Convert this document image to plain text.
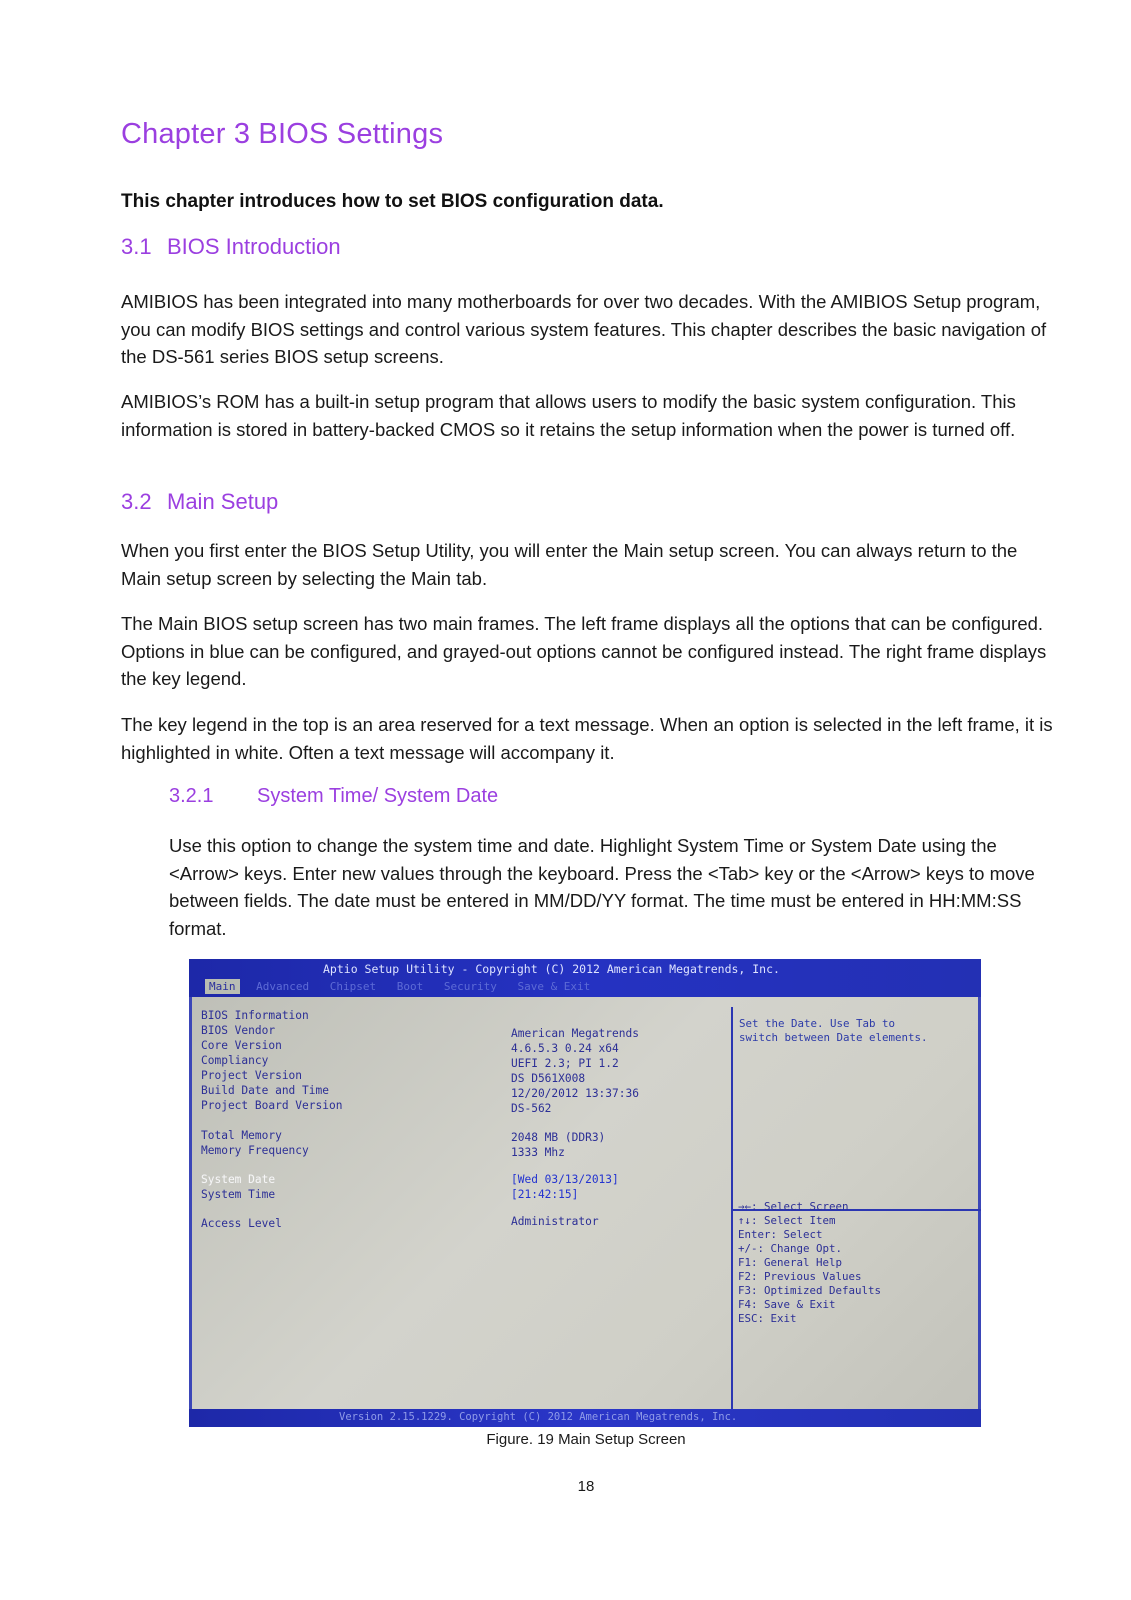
Chapter 3 BIOS Settings

This chapter introduces how to set BIOS configuration data.

3.1 BIOS Introduction

AMIBIOS has been integrated into many motherboards for over two decades. With the AMIBIOS Setup program, you can modify BIOS settings and control various system features. This chapter describes the basic navigation of the DS-561 series BIOS setup screens.

AMIBIOS’s ROM has a built-in setup program that allows users to modify the basic system configuration. This information is stored in battery-backed CMOS so it retains the setup information when the power is turned off.

3.2 Main Setup

When you first enter the BIOS Setup Utility, you will enter the Main setup screen. You can always return to the Main setup screen by selecting the Main tab.

The Main BIOS setup screen has two main frames. The left frame displays all the options that can be configured. Options in blue can be configured, and grayed-out options cannot be configured instead. The right frame displays the key legend.

The key legend in the top is an area reserved for a text message. When an option is selected in the left frame, it is highlighted in white. Often a text message will accompany it.

3.2.1 System Time/ System Date

Use this option to change the system time and date. Highlight System Time or System Date using the <Arrow> keys. Enter new values through the keyboard. Press the <Tab> key or the <Arrow> keys to move between fields. The date must be entered in MM/DD/YY format. The time must be entered in HH:MM:SS format.

Aptio Setup Utility - Copyright (C) 2012 American Megatrends, Inc.
Main Advanced Chipset Boot Security Save & Exit
BIOS Information
BIOS Vendor	American Megatrends
Core Version	4.6.5.3 0.24 x64
Compliancy	UEFI 2.3; PI 1.2
Project Version	DS D561X008
Build Date and Time	12/20/2012 13:37:36
Project Board Version	DS-562
Total Memory	2048 MB (DDR3)
Memory Frequency	1333 Mhz
System Date	[Wed 03/13/2013]
System Time	[21:42:15]
Access Level	Administrator
Set the Date. Use Tab to
switch between Date elements.
→←: Select Screen
↑↓: Select Item
Enter: Select
+/-: Change Opt.
F1: General Help
F2: Previous Values
F3: Optimized Defaults
F4: Save & Exit
ESC: Exit
Version 2.15.1229. Copyright (C) 2012 American Megatrends, Inc.

Figure. 19 Main Setup Screen

18
